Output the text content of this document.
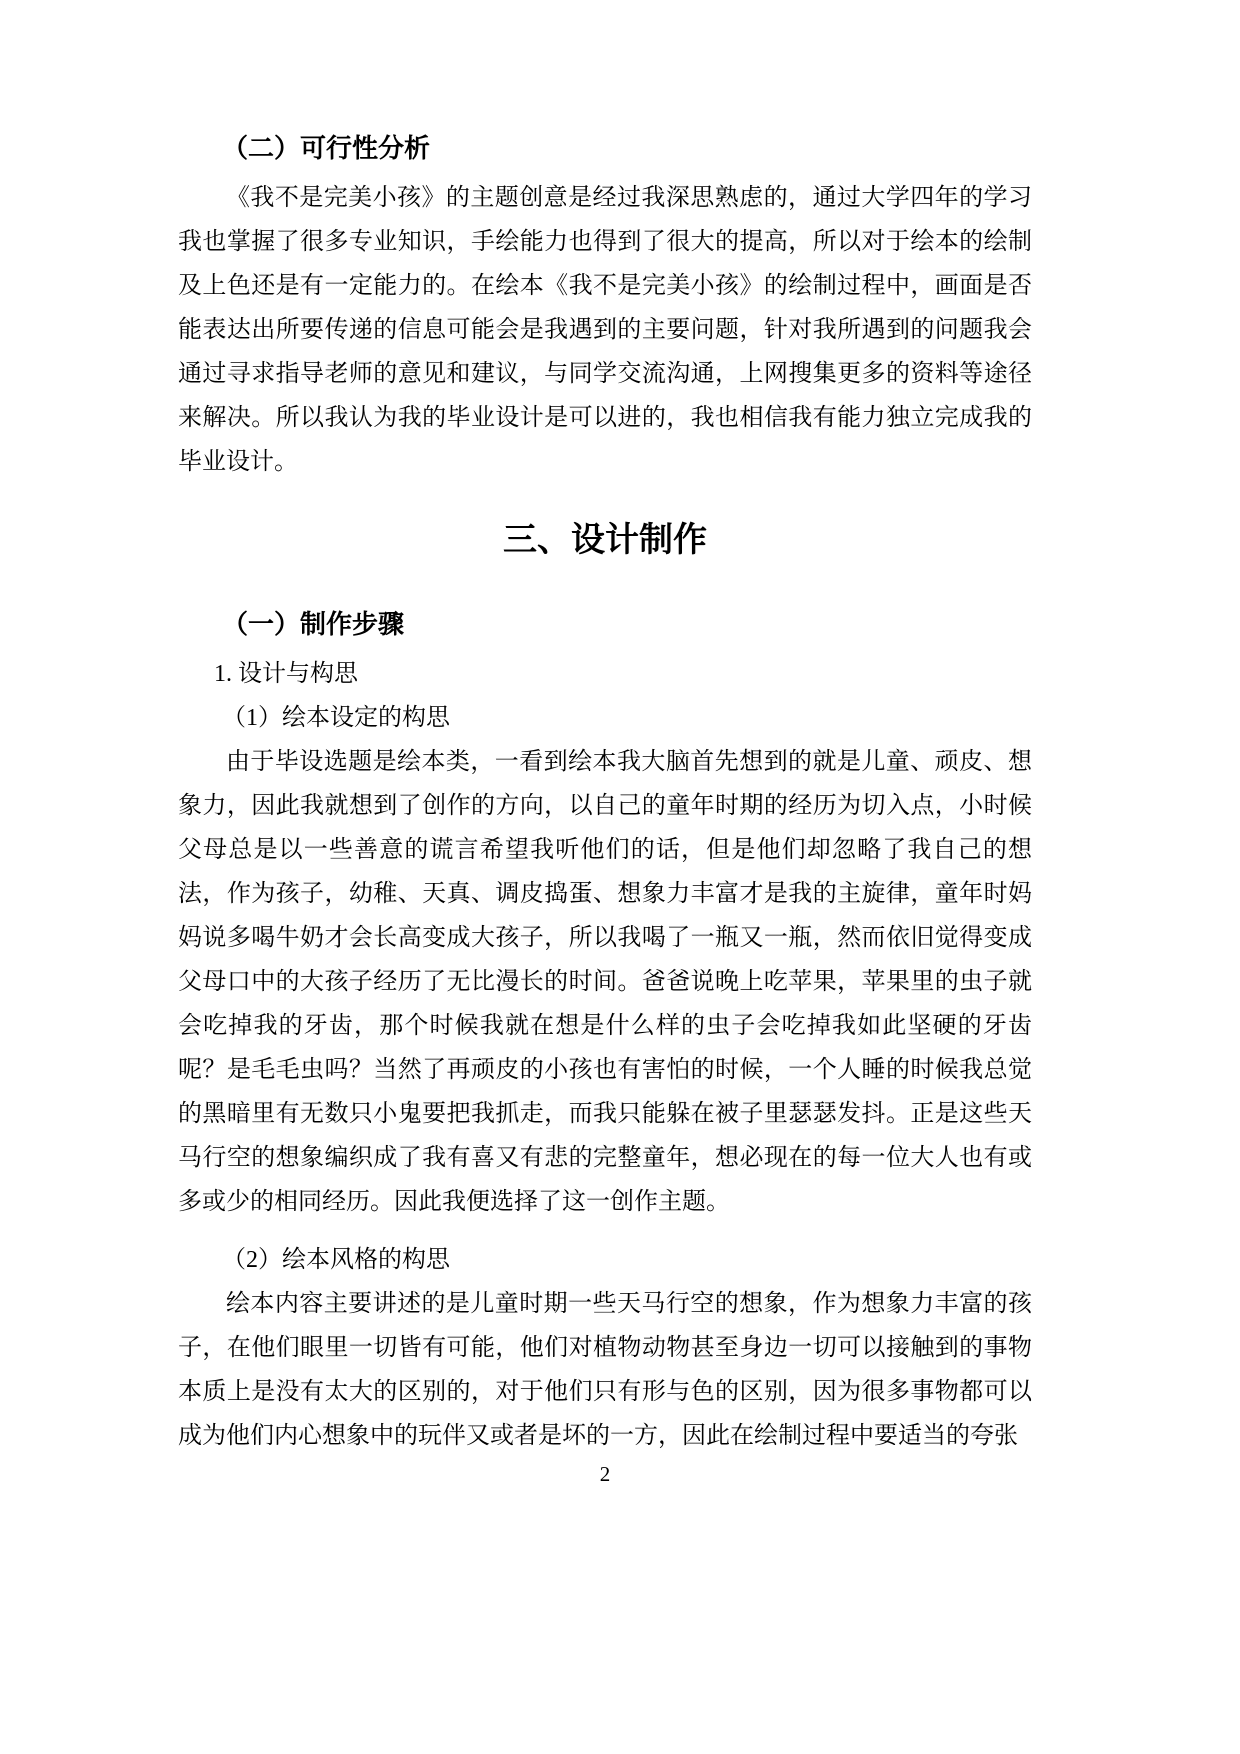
（二）可行性分析

《我不是完美小孩》的主题创意是经过我深思熟虑的，通过大学四年的学习我也掌握了很多专业知识，手绘能力也得到了很大的提高，所以对于绘本的绘制及上色还是有一定能力的。在绘本《我不是完美小孩》的绘制过程中，画面是否能表达出所要传递的信息可能会是我遇到的主要问题，针对我所遇到的问题我会通过寻求指导老师的意见和建议，与同学交流沟通，上网搜集更多的资料等途径来解决。所以我认为我的毕业设计是可以进的，我也相信我有能力独立完成我的毕业设计。

三、设计制作
（一）制作步骤

1. 设计与构思

（1）绘本设定的构思

由于毕设选题是绘本类，一看到绘本我大脑首先想到的就是儿童、顽皮、想象力，因此我就想到了创作的方向，以自己的童年时期的经历为切入点，小时候父母总是以一些善意的谎言希望我听他们的话，但是他们却忽略了我自己的想法，作为孩子，幼稚、天真、调皮捣蛋、想象力丰富才是我的主旋律，童年时妈妈说多喝牛奶才会长高变成大孩子，所以我喝了一瓶又一瓶，然而依旧觉得变成父母口中的大孩子经历了无比漫长的时间。爸爸说晚上吃苹果，苹果里的虫子就会吃掉我的牙齿，那个时候我就在想是什么样的虫子会吃掉我如此坚硬的牙齿呢？是毛毛虫吗？当然了再顽皮的小孩也有害怕的时候，一个人睡的时候我总觉的黑暗里有无数只小鬼要把我抓走，而我只能躲在被子里瑟瑟发抖。正是这些天马行空的想象编织成了我有喜又有悲的完整童年，想必现在的每一位大人也有或多或少的相同经历。因此我便选择了这一创作主题。

（2）绘本风格的构思

绘本内容主要讲述的是儿童时期一些天马行空的想象，作为想象力丰富的孩子，在他们眼里一切皆有可能，他们对植物动物甚至身边一切可以接触到的事物本质上是没有太大的区别的，对于他们只有形与色的区别，因为很多事物都可以成为他们内心想象中的玩伴又或者是坏的一方，因此在绘制过程中要适当的夸张

2
